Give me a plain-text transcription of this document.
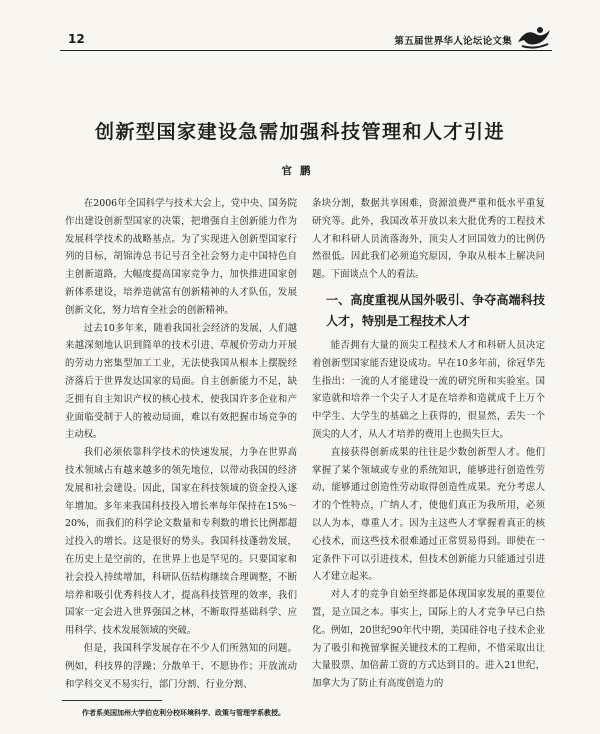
12	第五届世界华人论坛论文集
创新型国家建设急需加强科技管理和人才引进
官鹏

在2006年全国科学与技术大会上，党中央、国务院作出建设创新型国家的决策，把增强自主创新能力作为发展科学技术的战略基点。为了实现进入创新型国家行列的目标，胡锦涛总书记号召全社会努力走中国特色自主创新道路，大幅度提高国家竞争力，加快推进国家创新体系建设，培养造就富有创新精神的人才队伍，发展创新文化，努力培育全社会的创新精神。

过去10多年来，随着我国社会经济的发展，人们越来越深刻地认识到简单的技术引进、草履价劳动力开展的劳动力密集型加工工业，无法使我国从根本上摆脱经济落后于世界发达国家的局面。自主创新能力不足，缺乏拥有自主知识产权的核心技术，使我国许多企业和产业面临受制于人的被动局面，难以有效把握市场竞争的主动权。

我们必须依靠科学技术的快速发展，力争在世界高技术领域占有越来越多的领先地位，以带动我国的经济发展和社会建设。因此，国家在科技领域的资金投入逐年增加。多年来我国科技投入增长率每年保持在15%～20%，而我们的科学论文数量和专利数的增长比例都超过投入的增长。这是很好的势头。我国科技蓬勃发展，在历史上是空前的，在世界上也是罕见的。只要国家和社会投入持续增加，科研队伍结构继续合理调整，不断培养和吸引优秀科技人才，提高科技管理的效率，我们国家一定会进入世界强国之林，不断取得基础科学、应用科学、技术发展领域的突破。

但是，我国科学发展存在不少人们所熟知的问题。例如，科技界的浮躁；分散单干、不愿协作；开放流动和学科交叉不易实行，部门分割、行业分割、

条块分割，数据共享困难，资源浪费严重和低水平重复研究等。此外，我国改革开放以来大批优秀的工程技术人才和科研人员流落海外，顶尖人才回国效力的比例仍然很低。因此我们必须追究原因，争取从根本上解决问题。下面谈点个人的看法。

一、高度重视从国外吸引、争夺高端科技人才，特别是工程技术人才

能否拥有大量的顶尖工程技术人才和科研人员决定着创新型国家能否建设成功。早在10多年前，徐冠华先生指出：一流的人才能建设一流的研究所和实验室。国家造就和培养一个尖子人才是在培养和造就成千上万个中学生、大学生的基础之上获得的，很显然，丢失一个顶尖的人才，从人才培养的费用上也损失巨大。

直接获得创新成果的往往是少数创新型人才。他们掌握了某个领域或专业的系统知识，能够进行创造性劳动，能够通过创造性劳动取得创造性成果。充分考虑人才的个性特点，广纳人才，使他们真正为我所用，必须以人为本，尊重人才。因为主这些人才掌握着真正的核心技术，而这些技术很难通过正常贸易得到。即使在一定条件下可以引进技术，但技术创新能力只能通过引进人才建立起来。

对人才的竞争自始至终都是体现国家发展的重要位置，是立国之本。事实上，国际上的人才竞争早已白热化。例如，20世纪90年代中期，美国硅谷电子技术企业为了吸引和挽留掌握关键技术的工程师，不惜采取出让大量股票、加倍薪工资的方式达到目的。进入21世纪，加拿大为了防止有高度创造力的

作者系美国加州大学伯克利分校环境科学、政策与管理学系教授。
